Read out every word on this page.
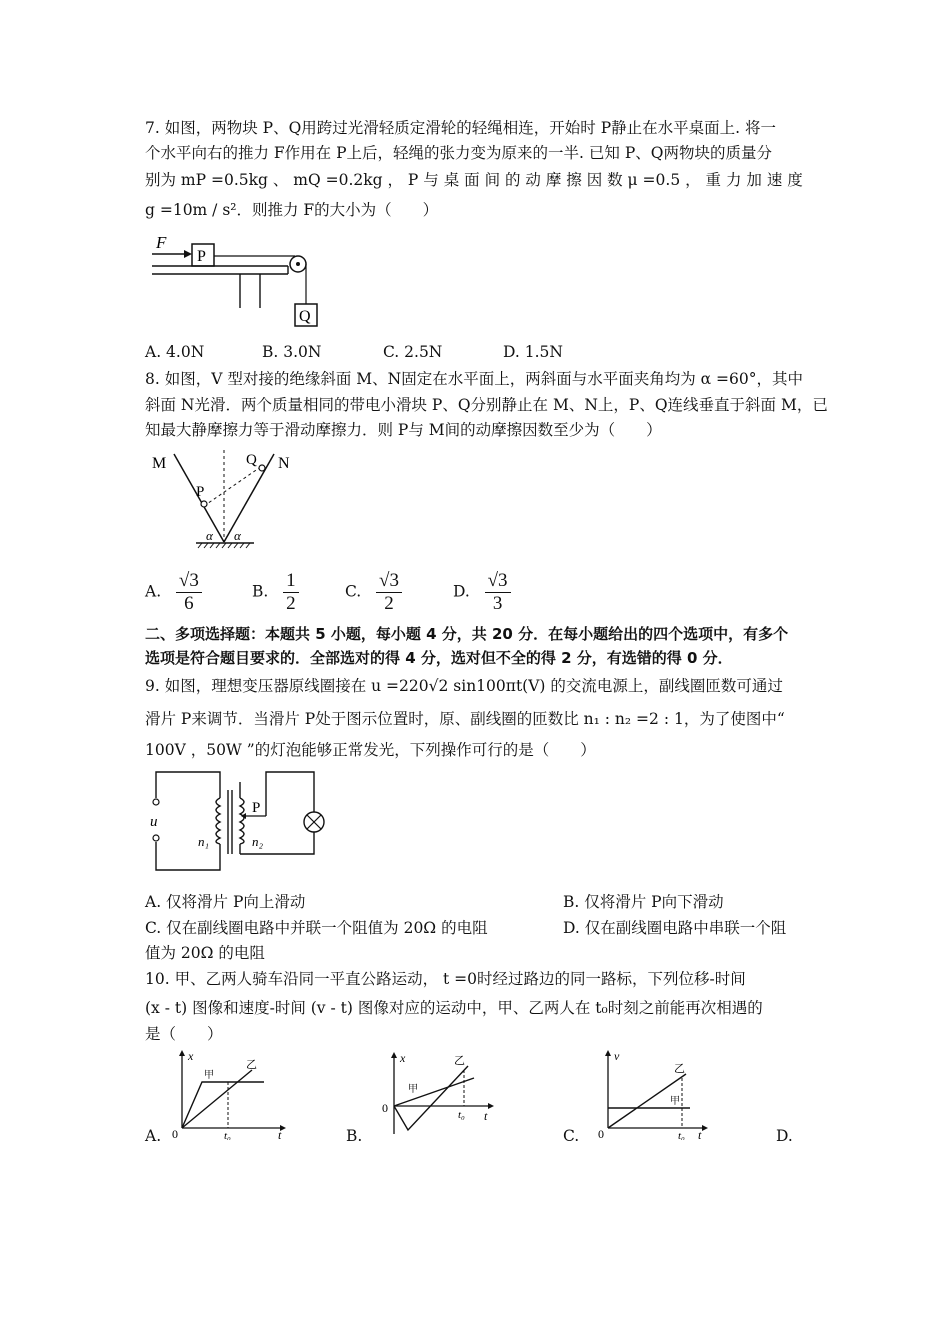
7. 如图，两物块 P、Q用跨过光滑轻质定滑轮的轻绳相连，开始时 P静止在水平桌面上. 将一
个水平向右的推力 F作用在 P上后，轻绳的张力变为原来的一半. 已知 P、Q两物块的质量分
别为 mP =0.5kg 、 mQ =0.2kg ， P 与 桌 面 间 的 动 摩 擦 因 数 μ =0.5 ， 重 力 加 速 度
g =10m / s²．则推力 F的大小为（　　）
F
P
Q
A. 4.0N	B. 3.0N	C. 2.5N	D. 1.5N
8. 如图，V 型对接的绝缘斜面 M、N固定在水平面上，两斜面与水平面夹角均为 α =60°，其中
斜面 N光滑．两个质量相同的带电小滑块 P、Q分别静止在 M、N上，P、Q连线垂直于斜面 M，已
知最大静摩擦力等于滑动摩擦力．则 P与 M间的动摩擦因数至少为（　　）
M	N
P
Q
α α
A. $\frac{√3}{6}$	B. $\frac{1}{2}$	C. $\frac{√3}{2}$	D. $\frac{√3}{3}$
二、多项选择题：本题共 5 小题，每小题 4 分，共 20 分．在每小题给出的四个选项中，有多个
选项是符合题目要求的．全部选对的得 4 分，选对但不全的得 2 分，有选错的得 0 分．
9. 如图，理想变压器原线圈接在 u =220√2 sin100πt(V) 的交流电源上，副线圈匝数可通过
滑片 P来调节．当滑片 P处于图示位置时，原、副线圈的匝数比 n₁ : n₂ =2 : 1，为了使图中“
100V ，50W ”的灯泡能够正常发光，下列操作可行的是（　　）
u
n₁	n₂
P
A. 仅将滑片 P向上滑动	B. 仅将滑片 P向下滑动
C. 仅在副线圈电路中并联一个阻值为 20Ω 的电阻	D. 仅在副线圈电路中串联一个阻
值为 20Ω 的电阻
10. 甲、乙两人骑车沿同一平直公路运动， t =0时经过路边的同一路标，下列位移-时间
(x - t) 图像和速度-时间 (v - t) 图像对应的运动中，甲、乙两人在 t₀时刻之前能再次相遇的
是（　　）
x
t
0
甲
乙
t₀
A.
x
t
0
甲
乙
t₀
B.
v
t
0
甲
乙
t₀
C.	D.
